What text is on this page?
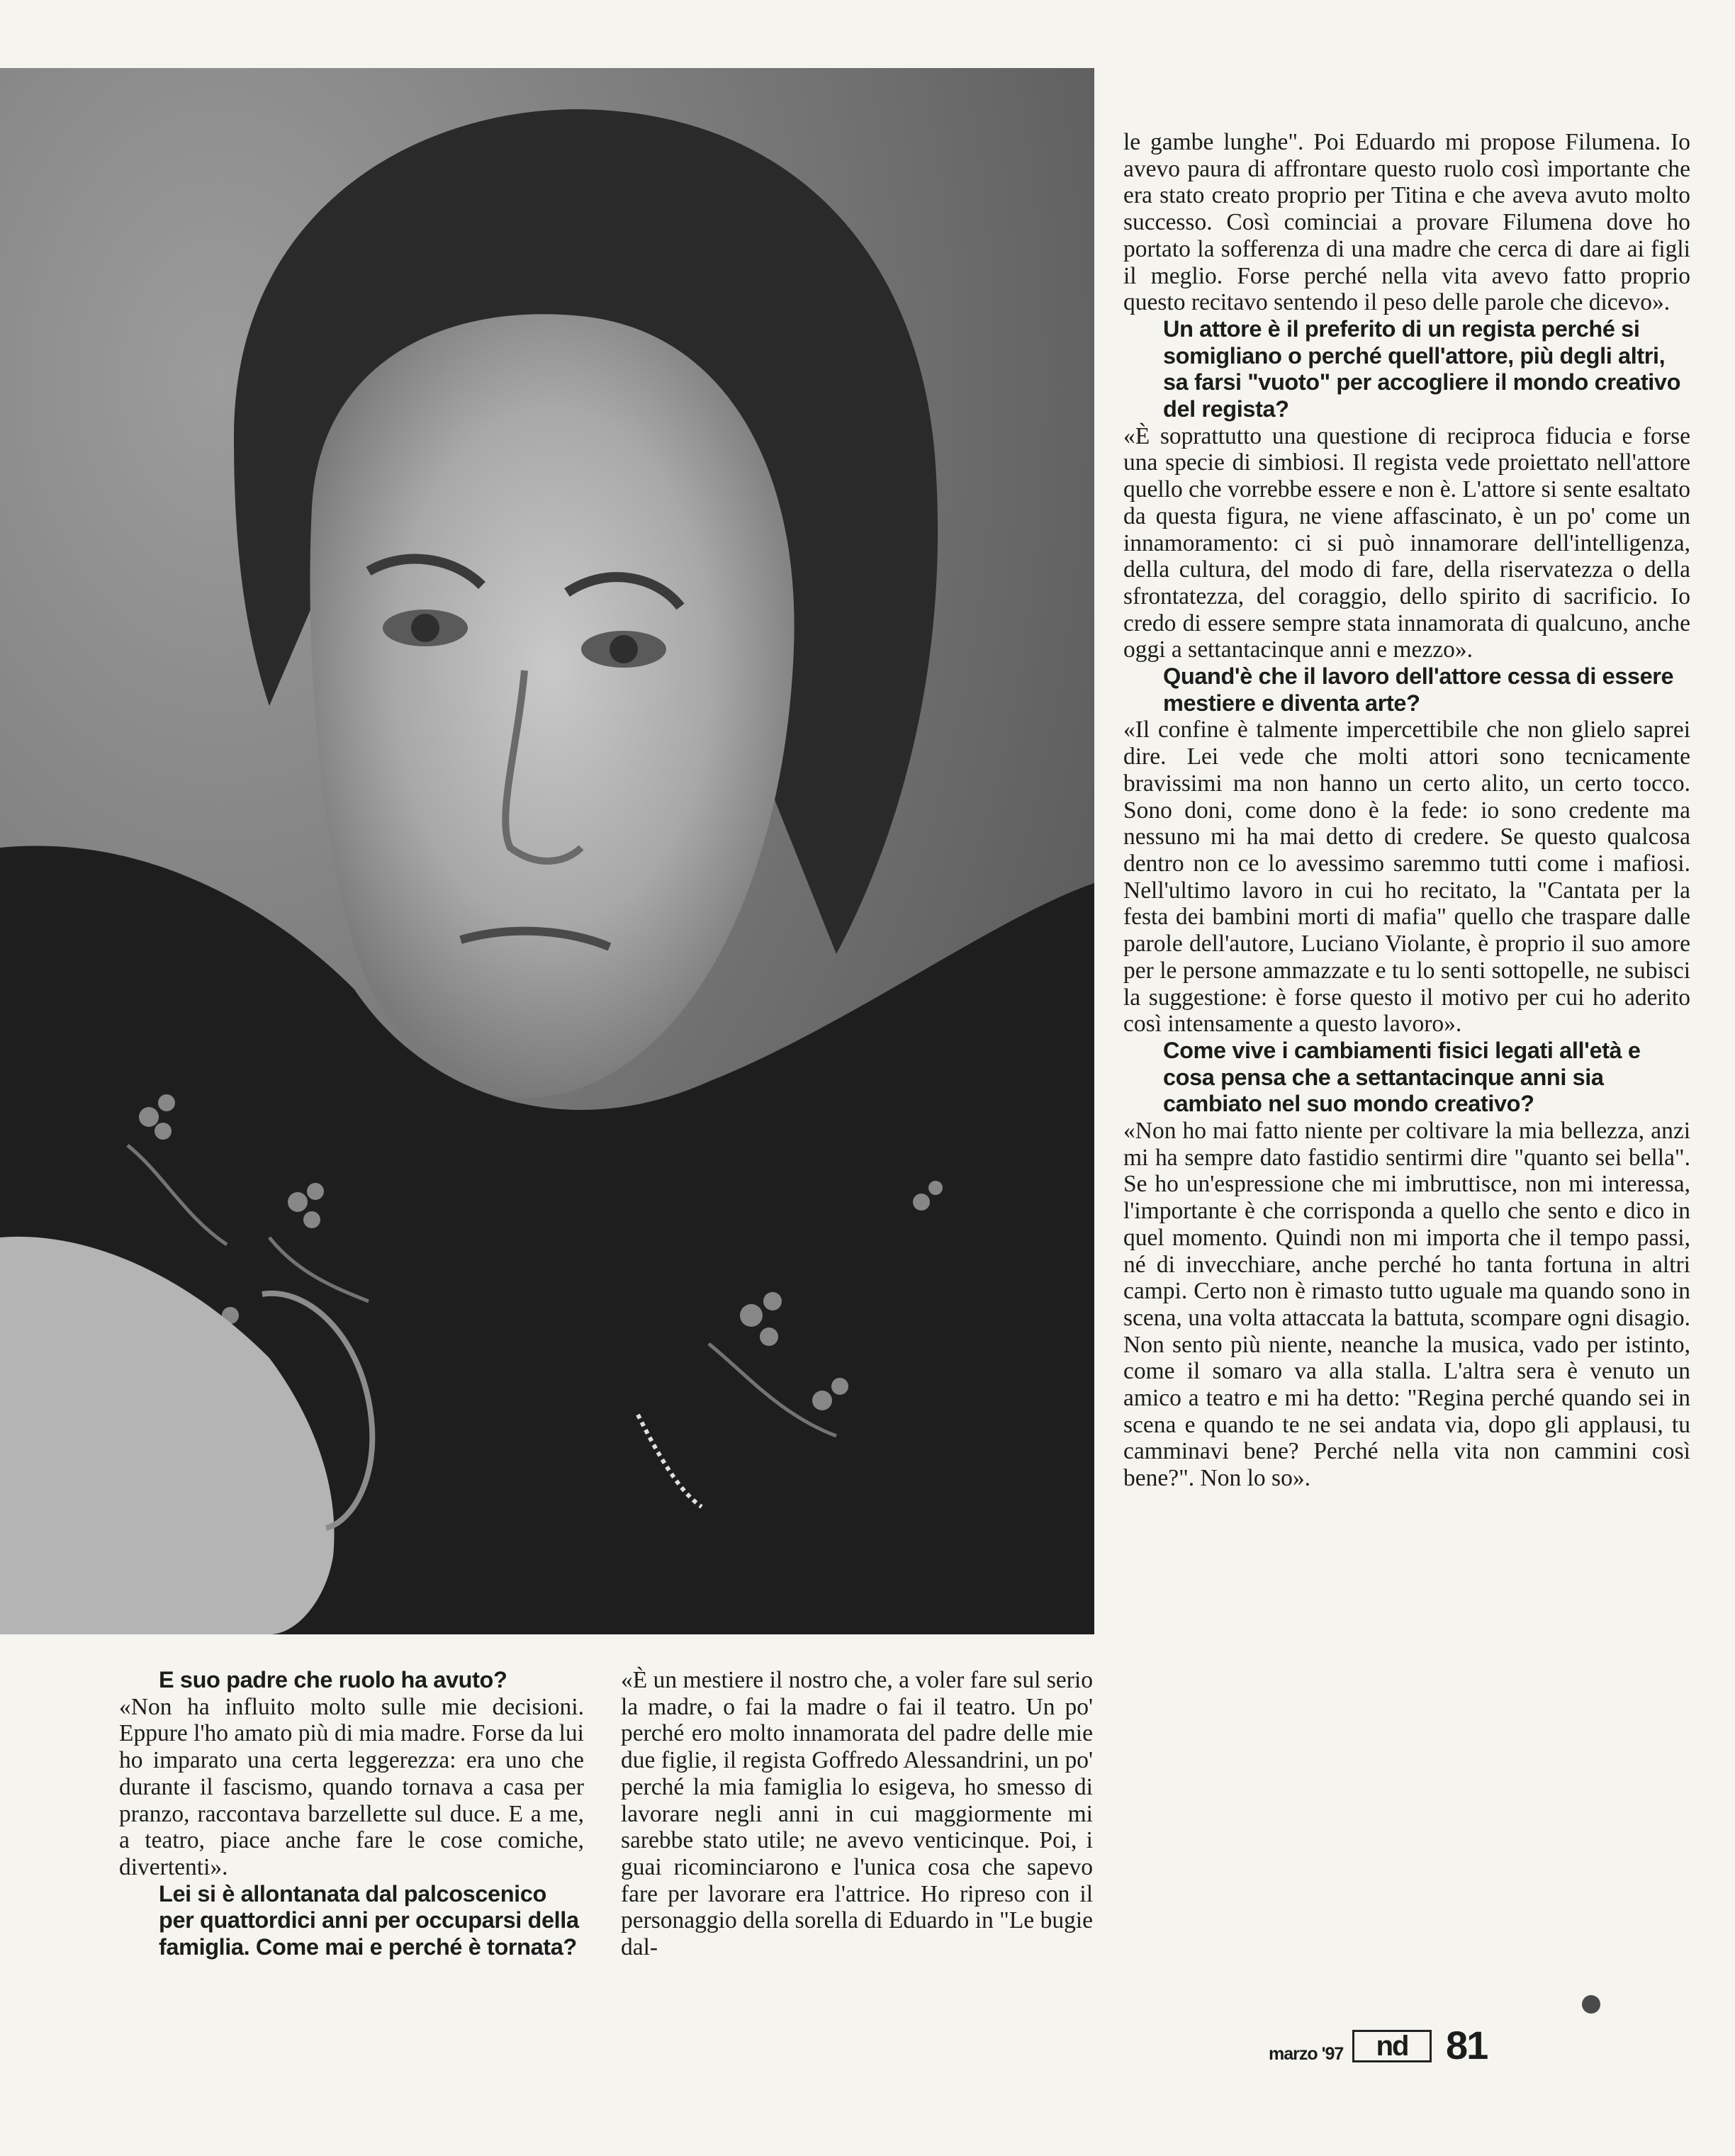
le gambe lunghe". Poi Eduardo mi propose Filumena. Io avevo paura di affrontare questo ruolo così importante che era stato creato proprio per Titina e che aveva avuto molto successo. Così cominciai a provare Filumena dove ho portato la sofferenza di una madre che cerca di dare ai figli il meglio. Forse perché nella vita avevo fatto proprio questo recitavo sentendo il peso delle parole che dicevo».

Un attore è il preferito di un regista perché si somigliano o perché quell'attore, più degli altri, sa farsi "vuoto" per accogliere il mondo creativo del regista?

«È soprattutto una questione di reciproca fiducia e forse una specie di simbiosi. Il regista vede proiettato nell'attore quello che vorrebbe essere e non è. L'attore si sente esaltato da questa figura, ne viene affascinato, è un po' come un innamoramento: ci si può innamorare dell'intelligenza, della cultura, del modo di fare, della riservatezza o della sfrontatezza, del coraggio, dello spirito di sacrificio. Io credo di essere sempre stata innamorata di qualcuno, anche oggi a settantacinque anni e mezzo».

Quand'è che il lavoro dell'attore cessa di essere mestiere e diventa arte?

«Il confine è talmente impercettibile che non glielo saprei dire. Lei vede che molti attori sono tecnicamente bravissimi ma non hanno un certo alito, un certo tocco. Sono doni, come dono è la fede: io sono credente ma nessuno mi ha mai detto di credere. Se questo qualcosa dentro non ce lo avessimo saremmo tutti come i mafiosi. Nell'ultimo lavoro in cui ho recitato, la "Cantata per la festa dei bambini morti di mafia" quello che traspare dalle parole dell'autore, Luciano Violante, è proprio il suo amore per le persone ammazzate e tu lo senti sottopelle, ne subisci la suggestione: è forse questo il motivo per cui ho aderito così intensamente a questo lavoro».

Come vive i cambiamenti fisici legati all'età e cosa pensa che a settantacinque anni sia cambiato nel suo mondo creativo?

«Non ho mai fatto niente per coltivare la mia bellezza, anzi mi ha sempre dato fastidio sentirmi dire "quanto sei bella". Se ho un'espressione che mi imbruttisce, non mi interessa, l'importante è che corrisponda a quello che sento e dico in quel momento. Quindi non mi importa che il tempo passi, né di invecchiare, anche perché ho tanta fortuna in altri campi. Certo non è rimasto tutto uguale ma quando sono in scena, una volta attaccata la battuta, scompare ogni disagio. Non sento più niente, neanche la musica, vado per istinto, come il somaro va alla stalla. L'altra sera è venuto un amico a teatro e mi ha detto: "Regina perché quando sei in scena e quando te ne sei andata via, dopo gli applausi, tu camminavi bene? Perché nella vita non cammini così bene?". Non lo so».

E suo padre che ruolo ha avuto?

«Non ha influito molto sulle mie decisioni. Eppure l'ho amato più di mia madre. Forse da lui ho imparato una certa leggerezza: era uno che durante il fascismo, quando tornava a casa per pranzo, raccontava barzellette sul duce. E a me, a teatro, piace anche fare le cose comiche, divertenti».

Lei si è allontanata dal palcoscenico per quattordici anni per occuparsi della famiglia. Come mai e perché è tornata?

«È un mestiere il nostro che, a voler fare sul serio la madre, o fai la madre o fai il teatro. Un po' perché ero molto innamorata del padre delle mie due figlie, il regista Goffredo Alessandrini, un po' perché la mia famiglia lo esigeva, ho smesso di lavorare negli anni in cui maggiormente mi sarebbe stato utile; ne avevo venticinque. Poi, i guai ricominciarono e l'unica cosa che sapevo fare per lavorare era l'attrice. Ho ripreso con il personaggio della sorella di Eduardo in "Le bugie dal-

marzo '97	nd 81
